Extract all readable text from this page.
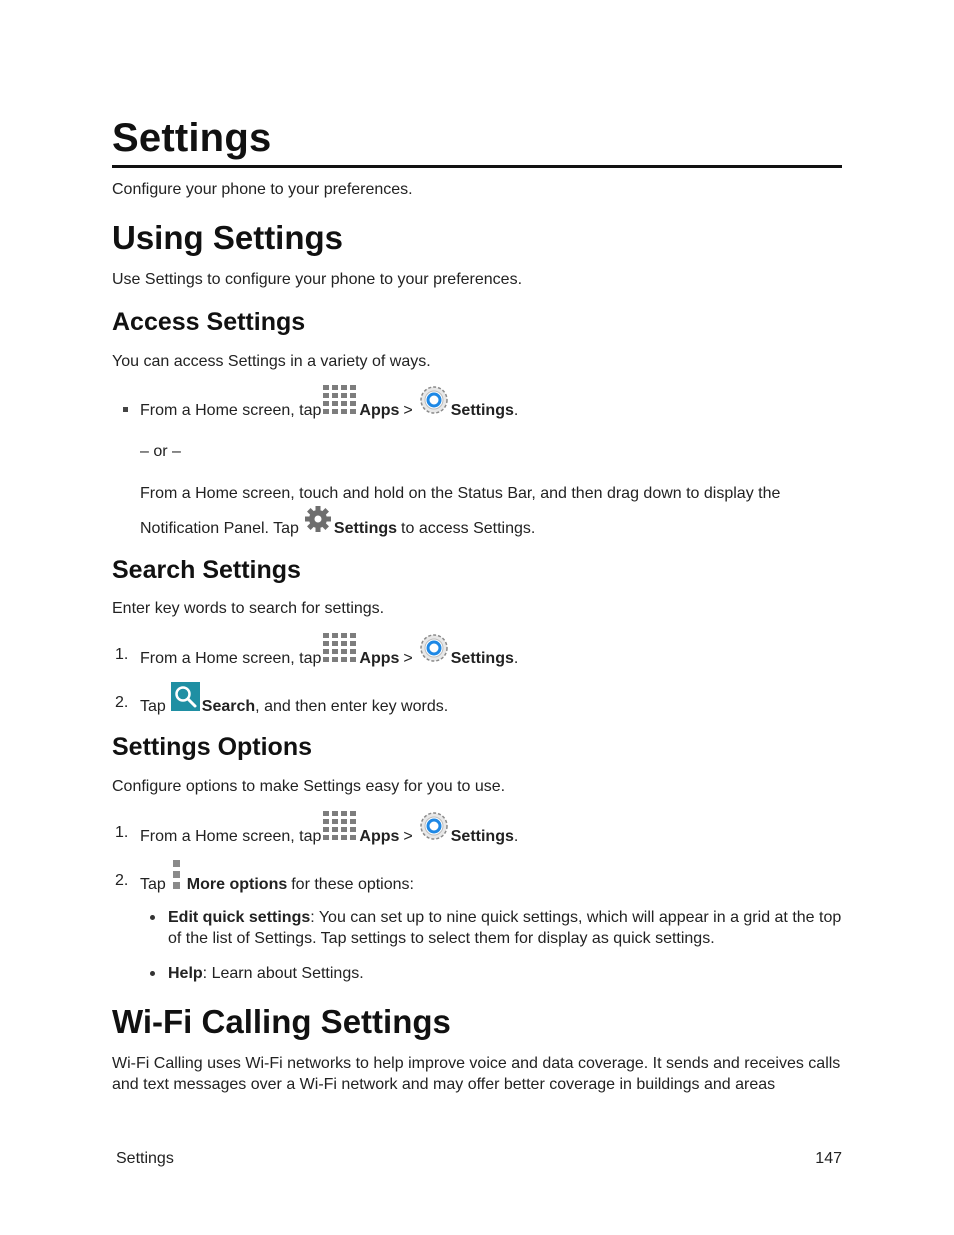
Settings

Configure your phone to your preferences.

Using Settings

Use Settings to configure your phone to your preferences.

Access Settings

You can access Settings in a variety of ways.

From a Home screen, tap Apps > Settings .

– or –

From a Home screen, touch and hold on the Status Bar, and then drag down to display the

Notification Panel. Tap Settings to access Settings.
Search Settings

Enter key words to search for settings.

1. From a Home screen, tap Apps > Settings .
2. Tap Search , and then enter key words.
Settings Options

Configure options to make Settings easy for you to use.

1. From a Home screen, tap Apps > Settings .
2. Tap More options for these options:
Edit quick settings: You can set up to nine quick settings, which will appear in a grid at the top of the list of Settings. Tap settings to select them for display as quick settings.
Help: Learn about Settings.
Wi-Fi Calling Settings

Wi-Fi Calling uses Wi-Fi networks to help improve voice and data coverage. It sends and receives calls and text messages over a Wi-Fi network and may offer better coverage in buildings and areas

Settings	147
